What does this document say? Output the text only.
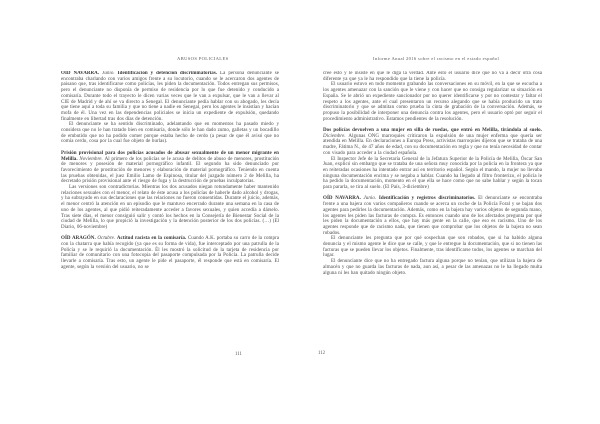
ABUSOS POLICIALES	Informe Anual 2016 sobre el racismo en el estado español

OÍD NAVARRA. Junio. Identificación y detención discriminatorias. La persona denunciante se encontraba charlando con varios amigos frente a su locutorio, cuando se le acercaron dos agentes de paisano que, tras identificarse como policías, les piden la documentación. Todos entregan sus permisos, pero el denunciante no disponía de permiso de residencia por lo que fue detenido y conducido a comisaría. Durante todo el trayecto le dicen varias veces que le van a expulsar, que le van a llevar al CIE de Madrid y de ahí se va directo a Senegal. El denunciante pedía hablar con su abogado, les decía que tiene aquí a toda su familia y que no tiene a nadie en Senegal, pero los agentes le insistían y hacían mofa de él. Una vez en las dependencias policiales se inicia un expediente de expulsión, quedando finalmente en libertad tras dos días de detención.

El denunciante se ha sentido discriminado, adelantando que en momentos ha pasado miedo y considera que no le han tratado bien en comisaría, donde sólo le han dado zumo, galletas y un bocadillo de embutido que no ha podido comer porque estaba hecho de cerdo (a pesar de que él avisó que no comía cerdo, cosa por la cual fue objeto de burlas).

Prisión provisional para dos policías acusados de abusar sexualmente de un menor migrante en Melilla. Noviembre. Al primero de los policías se le acusa de delitos de abuso de menores, prostitución de menores y posesión de material pornográfico infantil. El segundo ha sido denunciado por favorecimiento de prostitución de menores y elaboración de material pornográfico. Teniendo en cuenta las pruebas obtenidas, el juez Emilio Lamo de Espinosa, titular del juzgado número 2 de Melilla, ha decretado prisión provisional ante el riesgo de fuga y la destrucción de pruebas inculpatorias.

Las versiones son contradictorias. Mientras los dos acusados niegan rotundamente haber mantenido relaciones sexuales con el menor, el relato de éste acusa a los policías de haberle dado alcohol y drogas, y ha subrayado en sus declaraciones que las relaciones no fueron consentidas. Durante el juicio, además, el menor centró la atención en un episodio que le mantuvo encerrado durante una semana en la casa de uno de los agentes, al que pidió reiteradamente acceder a favores sexuales, y quien accedía a dárselo. Tras siete días, el menor consiguió salir y contó los hechos en la Consejería de Bienestar Social de la ciudad de Melilla, lo que propició la investigación y la detención posterior de los dos policías. (…) (El Diario, 06-noviembre)

OÍD ARAGÓN. Octubre. Actitud racista en la comisaría. Cuando A.K. portaba su carro de la compra con la chatarra que había recogido (ya que es su forma de vida), fue interceptado por una patrulla de la Policía y se le requirió la documentación. Él les mostró la solicitud de la tarjeta de residencia por familiar de comunitario con una fotocopia del pasaporte compulsada por la Policía. La patrulla decide llevarle a comisaría. Tras esto, un agente le pide el pasaporte, él responde que está en comisaría. El agente, según la versión del usuario, no se

cree esto y le insiste en que le diga la verdad. Ante esto el usuario dice que no va a decir otra cosa diferente ya que ya le ha respondido que la tiene la policía.

El usuario estuvo en todo momento grabando las conversaciones en su móvil, en la que se escucha a los agentes amenazar con la sanción que le viene y con hacer que no consiga regularizar su situación en España. Se le abrió un expediente sancionador por no querer identificarse y por no contestar y faltar el respeto a los agentes, ante el cual presentaron un recurso alegando que se había producido un trato discriminatorio y que se admitan como prueba la cinta de grabación de la conversación. Además, se propuso la posibilidad de interponer una denuncia contra los agentes, pero el usuario optó por seguir el procedimiento administrativo. Estamos pendientes de la resolución.

Dos policías devuelven a una mujer en silla de ruedas, que entró en Melilla, tirándola al suelo. Diciembre. Algunas ONG marroquíes criticaron la expulsión de una mujer enferma que quería ser atendida en Melilla. En declaraciones a Europa Press, activistas marroquíes dijeron que se trataba de una madre, Fátima N., de 47 años de edad, con su documentación en regla y que no tenía necesidad de contar con visado para acceder a la ciudad española.

El Inspector Jefe de la Secretaría General de la Jefatura Superior de la Policía de Melilla, Óscar San Juan, explicó sin embargo que se trataba de una señora muy conocida por la policía en la frontera ya que en reiteradas ocasiones ha intentado entrar así en territorio español. Según el mando, la mujer no llevaba ninguna documentación encima y se negaba a hablar. Cuando ha llegado al filtro fronterizo, el policía le ha pedido la documentación, momento en el que ella se hace como que no sabe hablar y según la tocan para pararla, se tira al suelo. (El País, 3-diciembre)

OÍD NAVARRA. Junio. Identificación y registros discriminatorios. El denunciante se encontraba frente a una bajera con varios compañeros cuando se acerca un coche de la Policía Foral y se bajan dos agentes para pedirles la documentación. Además, como en la bajera hay varios objetos de segunda mano, los agentes les piden las facturas de compra. Es entonces cuando uno de los afectados pregunta por qué les piden la documentación a ellos, que hay más gente en la calle, que eso es racismo. Uno de los agentes responde que de racismo nada, que tienen que comprobar que los objetos de la bajera no sean robados.

El denunciante les pregunta que por qué sospechan que son robados, que si ha habido alguna denuncia y el mismo agente le dice que se calle, y que le entregue la documentación, que si no tienen las facturas que se pueden llevar los objetos. Finalmente, tras identificarse todos, los agentes se marchan del lugar.

El denunciante dice que no ha entregado factura alguna porque no tenían, que utilizan la bajera de almacén y que no guarda las facturas de nada, aun así, a pesar de las amenazas no le ha llegado multa alguna ni les han quitado ningún objeto.

111	112
